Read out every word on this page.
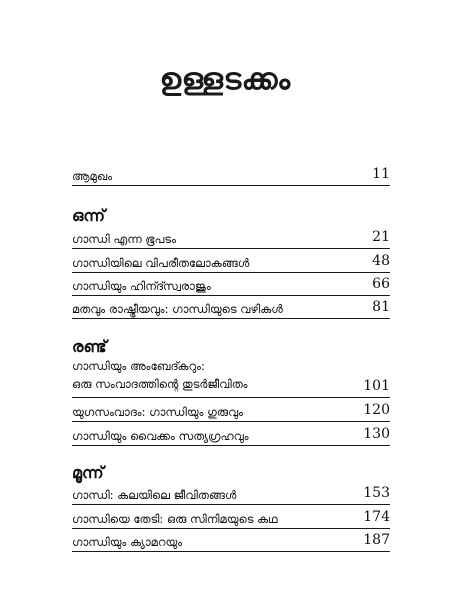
ഉള്ളടക്കം
ആമുഖം	11
ഒന്ന്
ഗാന്ധി എന്ന ഭൂപടം	21
ഗാന്ധിയിലെ വിപരീതലോകങ്ങൾ	48
ഗാന്ധിയും ഹിന്ദ്സ്വരാജും	66
മതവും രാഷ്ട്രീയവും: ഗാന്ധിയുടെ വഴികൾ	81
രണ്ട്
ഗാന്ധിയും അംബേദ്കറും:
ഒരു സംവാദത്തിന്റെ തുടർജീവിതം	101
യുഗസംവാദം: ഗാന്ധിയും ഗുരുവും	120
ഗാന്ധിയും വൈക്കം സത്യഗ്രഹവും	130
മൂന്ന്
ഗാന്ധി: കലയിലെ ജീവിതങ്ങൾ	153
ഗാന്ധിയെ തേടി: ഒരു സിനിമയുടെ കഥ	174
ഗാന്ധിയും ക്യാമറയും	187
